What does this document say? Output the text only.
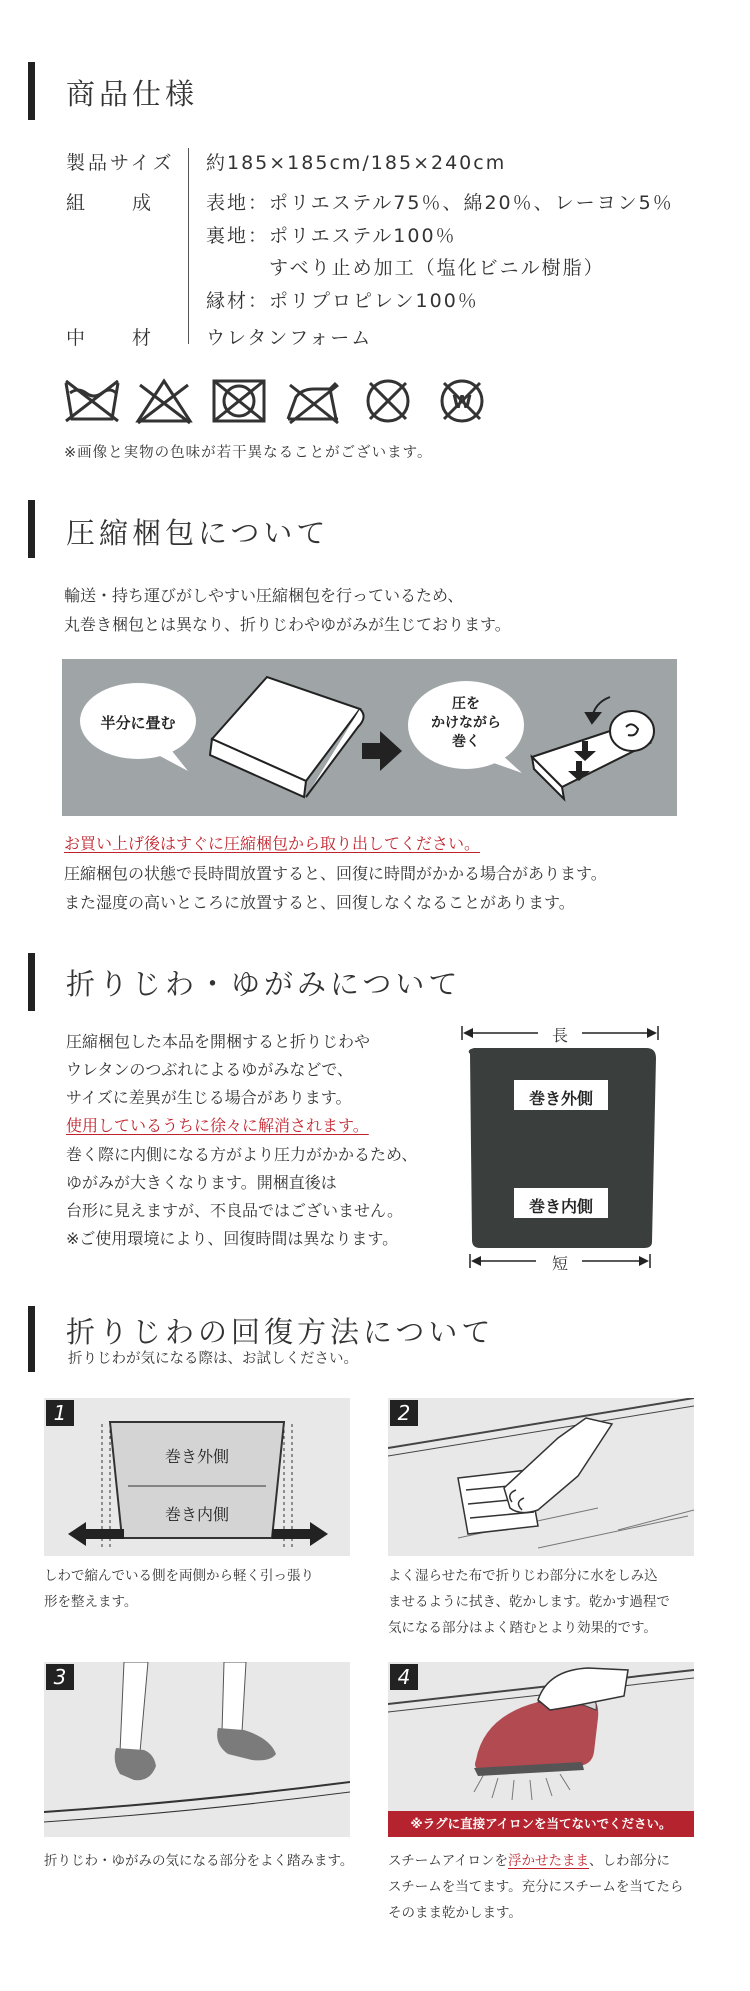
商品仕様
製品サイズ 約185×185cm/185×240cm
組　　成	表地：ポリエステル75％、綿20％、レーヨン5％
裏地：ポリエステル100％
　　　すべり止め加工（塩化ビニル樹脂）
縁材：ポリプロピレン100％
中　　材	ウレタンフォーム
W
※画像と実物の色味が若干異なることがございます。
圧縮梱包について
輸送・持ち運びがしやすい圧縮梱包を行っているため、
丸巻き梱包とは異なり、折りじわやゆがみが生じております。
半分に畳む
圧を
かけながら
巻く
お買い上げ後はすぐに圧縮梱包から取り出してください。
圧縮梱包の状態で長時間放置すると、回復に時間がかかる場合があります。
また湿度の高いところに放置すると、回復しなくなることがあります。
折りじわ・ゆがみについて
圧縮梱包した本品を開梱すると折りじわや
ウレタンのつぶれによるゆがみなどで、
サイズに差異が生じる場合があります。
使用しているうちに徐々に解消されます。
巻く際に内側になる方がより圧力がかかるため、
ゆがみが大きくなります。開梱直後は
台形に見えますが、不良品ではございません。
※ご使用環境により、回復時間は異なります。
長
短
巻き外側
巻き内側
折りじわの回復方法について
折りじわが気になる際は、お試しください。
1
巻き外側
巻き内側
しわで縮んでいる側を両側から軽く引っ張り
形を整えます。
2
よく湿らせた布で折りじわ部分に水をしみ込
ませるように拭き、乾かします。乾かす過程で
気になる部分はよく踏むとより効果的です。
3
折りじわ・ゆがみの気になる部分をよく踏みます。
4
※ラグに直接アイロンを当てないでください。
スチームアイロンを浮かせたまま、しわ部分に
スチームを当てます。充分にスチームを当てたら
そのまま乾かします。
